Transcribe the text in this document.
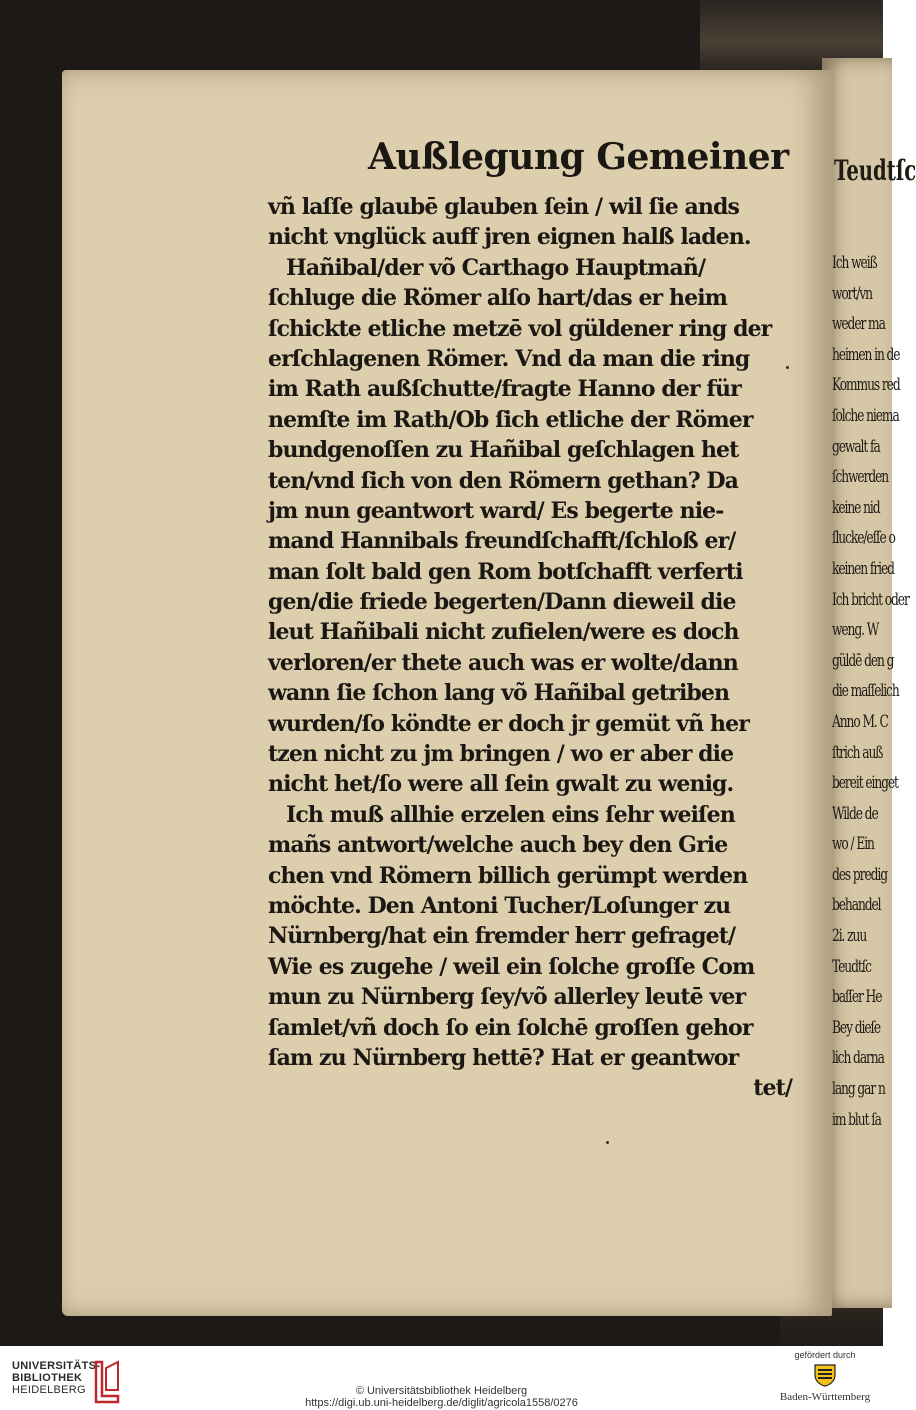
Teudtſc
Ich weiß
wort/vn
weder ma
heimen in de
Kommus red
ſolche niema
gewalt fa
ſchwerden
keine nid
ſlucke/eſſe o
keinen fried
Ich bricht oder
weng. W
güldē den g
die maſſelich
Anno M. C
ſtrich auß
bereit einget
Wilde de
wo / Ein
des predig
behandel
2i. zuu
Teudtſc
baſſer He
Bey dieſe
lich darna
lang gar n
im blut ſa
Außlegung Gemeiner
vñ laſſe glaubē glauben ſein / wil ſie ands
nicht vnglück auff jren eignen halß laden.
Hañibal/der võ Carthago Hauptmañ/
ſchluge die Römer alſo hart/das er heim
ſchickte etliche metzē vol güldener ring der
erſchlagenen Römer. Vnd da man die ring
im Rath außſchutte/fragte Hanno der für
nemſte im Rath/Ob ſich etliche der Römer
bundgenoſſen zu Hañibal geſchlagen het
ten/vnd ſich von den Römern gethan? Da
jm nun geantwort ward/ Es begerte nie-
mand Hannibals freundſchafft/ſchloß er/
man ſolt bald gen Rom botſchafft verferti
gen/die friede begerten/Dann dieweil die
leut Hañibali nicht zufielen/were es doch
verloren/er thete auch was er wolte/dann
wann ſie ſchon lang võ Hañibal getriben
wurden/ſo köndte er doch jr gemüt vñ her
tzen nicht zu jm bringen / wo er aber die
nicht het/ſo were all ſein gwalt zu wenig.
Ich muß allhie erzelen eins ſehr weiſen
mañs antwort/welche auch bey den Grie
chen vnd Römern billich gerümpt werden
möchte. Den Antoni Tucher/Loſunger zu
Nürnberg/hat ein fremder herr gefraget/
Wie es zugehe / weil ein ſolche groſſe Com
mun zu Nürnberg ſey/võ allerley leutē ver
ſamlet/vñ doch ſo ein ſolchē groſſen gehor
ſam zu Nürnberg hettē? Hat er geantwor
tet/
UNIVERSITÄTS-
BIBLIOTHEK
HEIDELBERG	© Universitätsbibliothek Heidelberg
https://digi.ub.uni-heidelberg.de/diglit/agricola1558/0276
gefördert durch
Baden-Württemberg
